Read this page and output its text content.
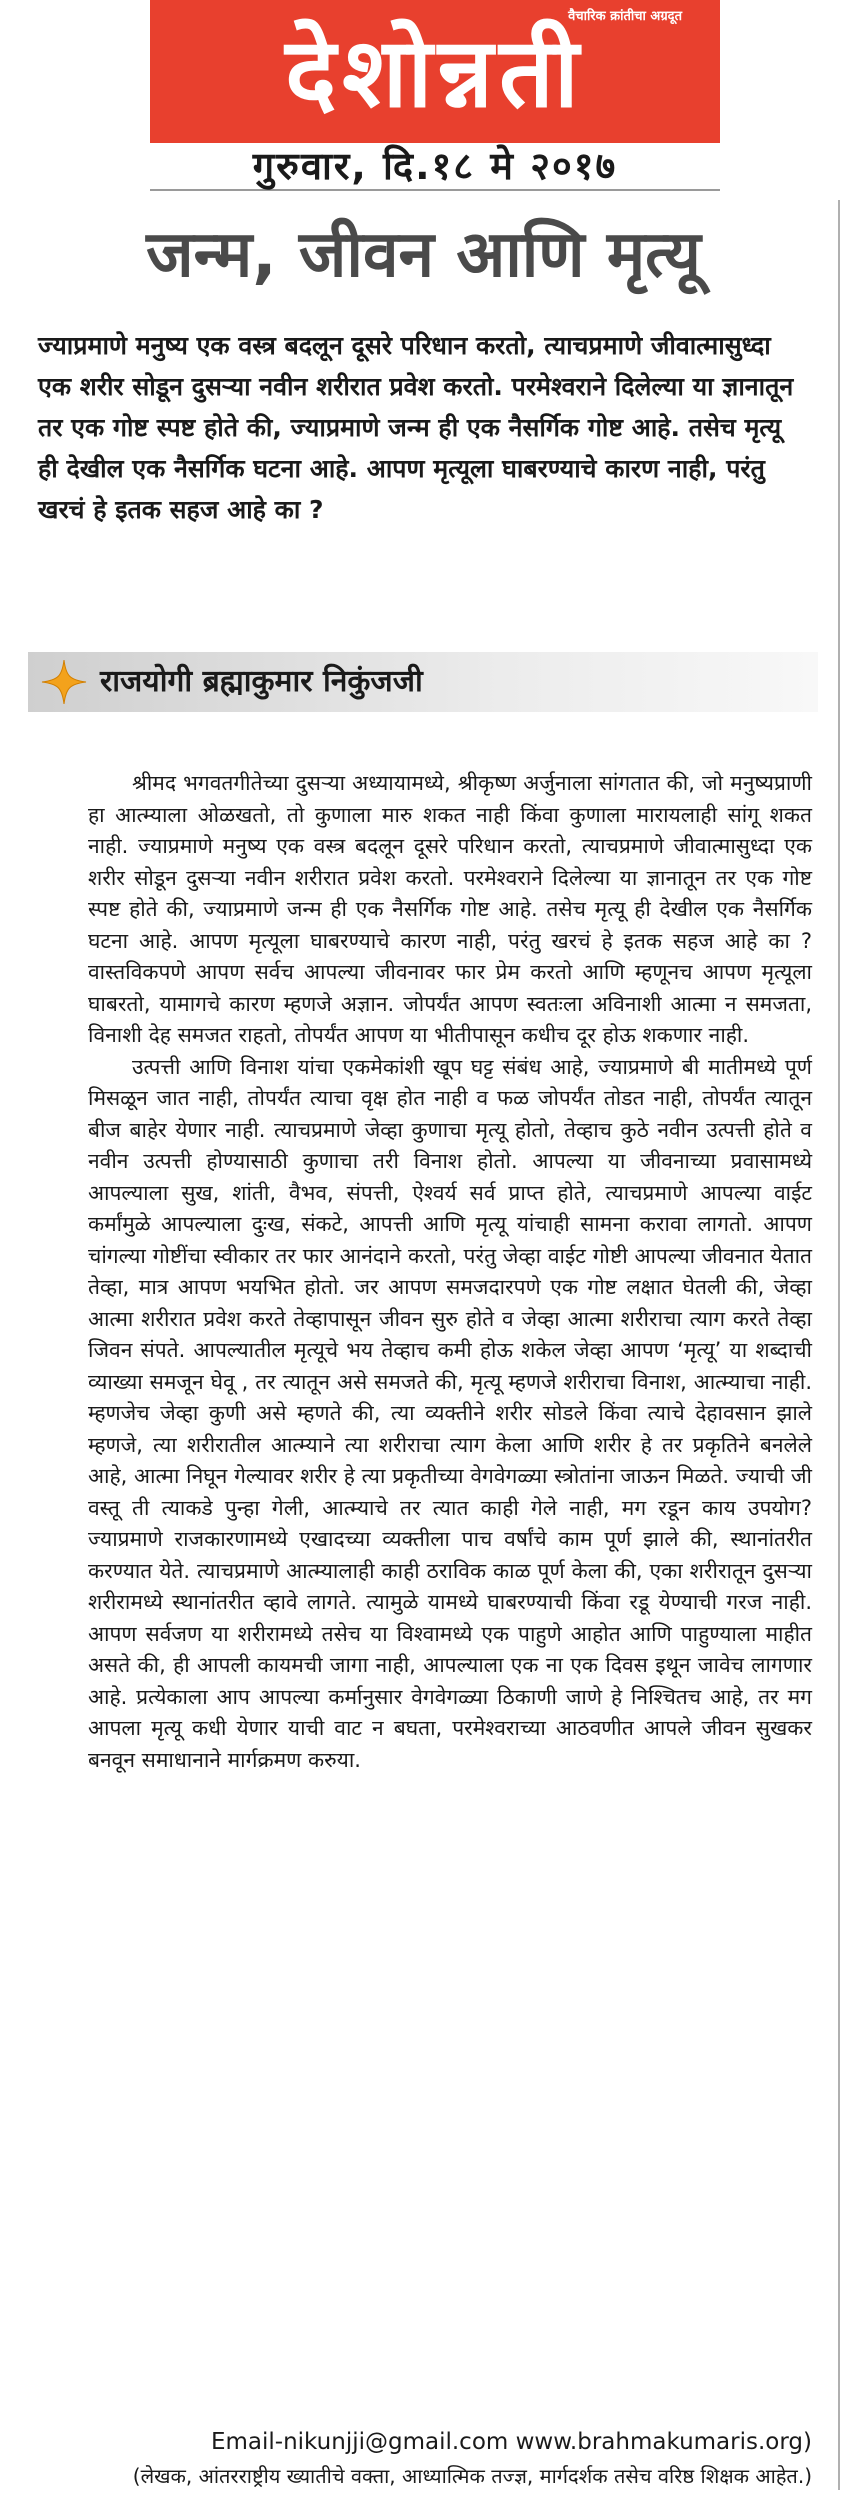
वैचारिक क्रांतीचा अग्रदूत
देशोन्नती
गुरुवार, दि.१८ मे २०१७
जन्म, जीवन आणि मृत्यू

ज्याप्रमाणे मनुष्य एक वस्त्र बदलून दूसरे परिधान करतो, त्याचप्रमाणे जीवात्मासुध्दा एक शरीर सोडून दुसऱ्या नवीन शरीरात प्रवेश करतो. परमेश्वराने दिलेल्या या ज्ञानातून तर एक गोष्ट स्पष्ट होते की, ज्याप्रमाणे जन्म ही एक नैसर्गिक गोष्ट आहे. तसेच मृत्यू ही देखील एक नैसर्गिक घटना आहे. आपण मृत्यूला घाबरण्याचे कारण नाही, परंतु खरचं हे इतक सहज आहे का ?

राजयोगी ब्रह्माकुमार निकुंजजी

श्रीमद भगवतगीतेच्या दुसऱ्या अध्यायामध्ये, श्रीकृष्ण अर्जुनाला सांगतात की, जो मनुष्यप्राणी हा आत्म्याला ओळखतो, तो कुणाला मारु शकत नाही किंवा कुणाला मारायलाही सांगू शकत नाही. ज्याप्रमाणे मनुष्य एक वस्त्र बदलून दूसरे परिधान करतो, त्याचप्रमाणे जीवात्मासुध्दा एक शरीर सोडून दुसऱ्या नवीन शरीरात प्रवेश करतो. परमेश्वराने दिलेल्या या ज्ञानातून तर एक गोष्ट स्पष्ट होते की, ज्याप्रमाणे जन्म ही एक नैसर्गिक गोष्ट आहे. तसेच मृत्यू ही देखील एक नैसर्गिक घटना आहे. आपण मृत्यूला घाबरण्याचे कारण नाही, परंतु खरचं हे इतक सहज आहे का ? वास्तविकपणे आपण सर्वच आपल्या जीवनावर फार प्रेम करतो आणि म्हणूनच आपण मृत्यूला घाबरतो, यामागचे कारण म्हणजे अज्ञान. जोपर्यंत आपण स्वतःला अविनाशी आत्मा न समजता, विनाशी देह समजत राहतो, तोपर्यंत आपण या भीतीपासून कधीच दूर होऊ शकणार नाही.

उत्पत्ती आणि विनाश यांचा एकमेकांशी खूप घट्ट संबंध आहे, ज्याप्रमाणे बी मातीमध्ये पूर्ण मिसळून जात नाही, तोपर्यंत त्याचा वृक्ष होत नाही व फळ जोपर्यंत तोडत नाही, तोपर्यंत त्यातून बीज बाहेर येणार नाही. त्याचप्रमाणे जेव्हा कुणाचा मृत्यू होतो, तेव्हाच कुठे नवीन उत्पत्ती होते व नवीन उत्पत्ती होण्यासाठी कुणाचा तरी विनाश होतो. आपल्या या जीवनाच्या प्रवासामध्ये आपल्याला सुख, शांती, वैभव, संपत्ती, ऐश्वर्य सर्व प्राप्त होते, त्याचप्रमाणे आपल्या वाईट कर्मांमुळे आपल्याला दुःख, संकटे, आपत्ती आणि मृत्यू यांचाही सामना करावा लागतो. आपण चांगल्या गोष्टींचा स्वीकार तर फार आनंदाने करतो, परंतु जेव्हा वाईट गोष्टी आपल्या जीवनात येतात तेव्हा, मात्र आपण भयभित होतो. जर आपण समजदारपणे एक गोष्ट लक्षात घेतली की, जेव्हा आत्मा शरीरात प्रवेश करते तेव्हापासून जीवन सुरु होते व जेव्हा आत्मा शरीराचा त्याग करते तेव्हा जिवन संपते. आपल्यातील मृत्यूचे भय तेव्हाच कमी होऊ शकेल जेव्हा आपण ‘मृत्यू’ या शब्दाची व्याख्या समजून घेवू , तर त्यातून असे समजते की, मृत्यू म्हणजे शरीराचा विनाश, आत्म्याचा नाही. म्हणजेच जेव्हा कुणी असे म्हणते की, त्या व्यक्तीने शरीर सोडले किंवा त्याचे देहावसान झाले म्हणजे, त्या शरीरातील आत्म्याने त्या शरीराचा त्याग केला आणि शरीर हे तर प्रकृतिने बनलेले आहे, आत्मा निघून गेल्यावर शरीर हे त्या प्रकृतीच्या वेगवेगळ्या स्त्रोतांना जाऊन मिळते. ज्याची जी वस्तू ती त्याकडे पुन्हा गेली, आत्म्याचे तर त्यात काही गेले नाही, मग रडून काय उपयोग? ज्याप्रमाणे राजकारणामध्ये एखादच्या व्यक्तीला पाच वर्षांचे काम पूर्ण झाले की, स्थानांतरीत करण्यात येते. त्याचप्रमाणे आत्म्यालाही काही ठराविक काळ पूर्ण केला की, एका शरीरातून दुसऱ्या शरीरामध्ये स्थानांतरीत व्हावे लागते. त्यामुळे यामध्ये घाबरण्याची किंवा रडू येण्याची गरज नाही. आपण सर्वजण या शरीरामध्ये तसेच या विश्वामध्ये एक पाहुणे आहोत आणि पाहुण्याला माहीत असते की, ही आपली कायमची जागा नाही, आपल्याला एक ना एक दिवस इथून जावेच लागणार आहे. प्रत्येकाला आप आपल्या कर्मानुसार वेगवेगळ्या ठिकाणी जाणे हे निश्चितच आहे, तर मग आपला मृत्यू कधी येणार याची वाट न बघता, परमेश्वराच्या आठवणीत आपले जीवन सुखकर बनवून समाधानाने मार्गक्रमण करुया.

Email-nikunjji@gmail.com www.brahmakumaris.org)
(लेखक, आंतरराष्ट्रीय ख्यातीचे वक्ता, आध्यात्मिक तज्ज्ञ, मार्गदर्शक तसेच वरिष्ठ शिक्षक आहेत.)
